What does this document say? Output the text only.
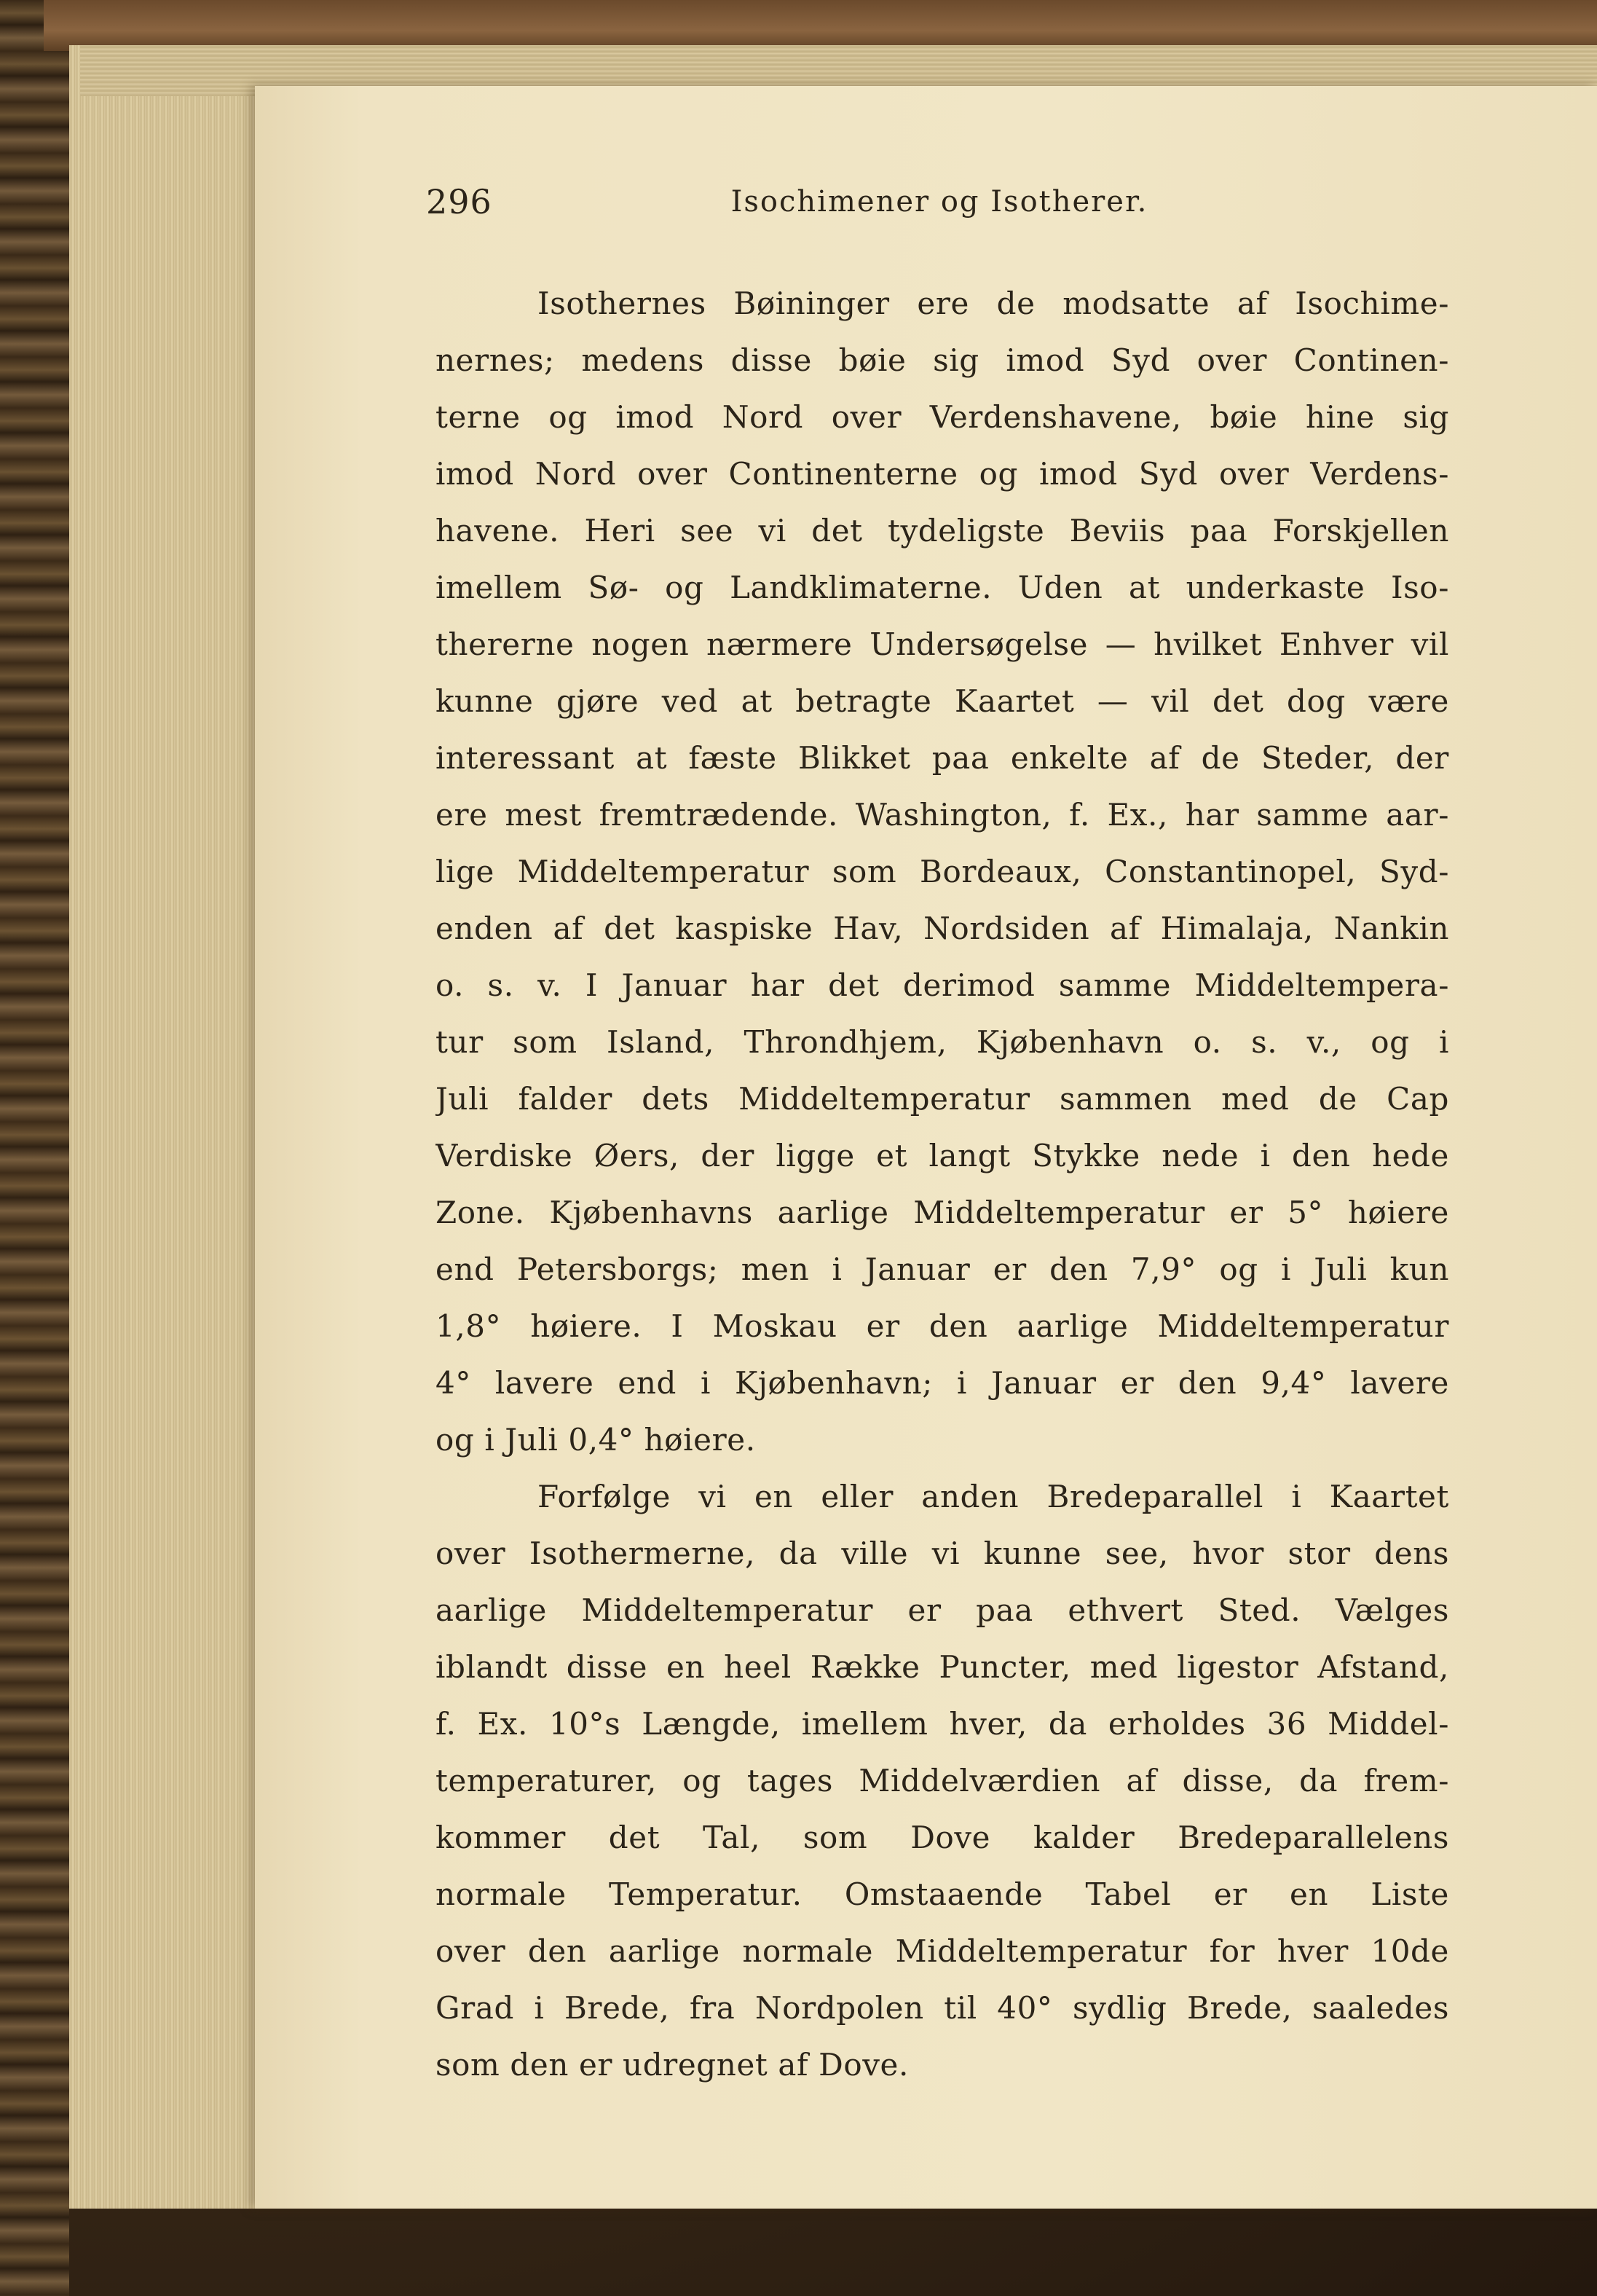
296	Isochimener og Isotherer.
Isothernes Bøininger ere de modsatte af Isochime-
nernes; medens disse bøie sig imod Syd over Continen-
terne og imod Nord over Verdenshavene, bøie hine sig
imod Nord over Continenterne og imod Syd over Verdens-
havene. Heri see vi det tydeligste Beviis paa Forskjellen
imellem Sø- og Landklimaterne. Uden at underkaste Iso-
thererne nogen nærmere Undersøgelse — hvilket Enhver vil
kunne gjøre ved at betragte Kaartet — vil det dog være
interessant at fæste Blikket paa enkelte af de Steder, der
ere mest fremtrædende. Washington, f. Ex., har samme aar-
lige Middeltemperatur som Bordeaux, Constantinopel, Syd-
enden af det kaspiske Hav, Nordsiden af Himalaja, Nankin
o. s. v. I Januar har det derimod samme Middeltempera-
tur som Island, Throndhjem, Kjøbenhavn o. s. v., og i
Juli falder dets Middeltemperatur sammen med de Cap
Verdiske Øers, der ligge et langt Stykke nede i den hede
Zone. Kjøbenhavns aarlige Middeltemperatur er 5° høiere
end Petersborgs; men i Januar er den 7,9° og i Juli kun
1,8° høiere. I Moskau er den aarlige Middeltemperatur
4° lavere end i Kjøbenhavn; i Januar er den 9,4° lavere
og i Juli 0,4° høiere.
Forfølge vi en eller anden Bredeparallel i Kaartet
over Isothermerne, da ville vi kunne see, hvor stor dens
aarlige Middeltemperatur er paa ethvert Sted. Vælges
iblandt disse en heel Række Puncter, med ligestor Afstand,
f. Ex. 10°s Længde, imellem hver, da erholdes 36 Middel-
temperaturer, og tages Middelværdien af disse, da frem-
kommer det Tal, som Dove kalder Bredeparallelens
normale Temperatur. Omstaaende Tabel er en Liste
over den aarlige normale Middeltemperatur for hver 10de
Grad i Brede, fra Nordpolen til 40° sydlig Brede, saaledes
som den er udregnet af Dove.
